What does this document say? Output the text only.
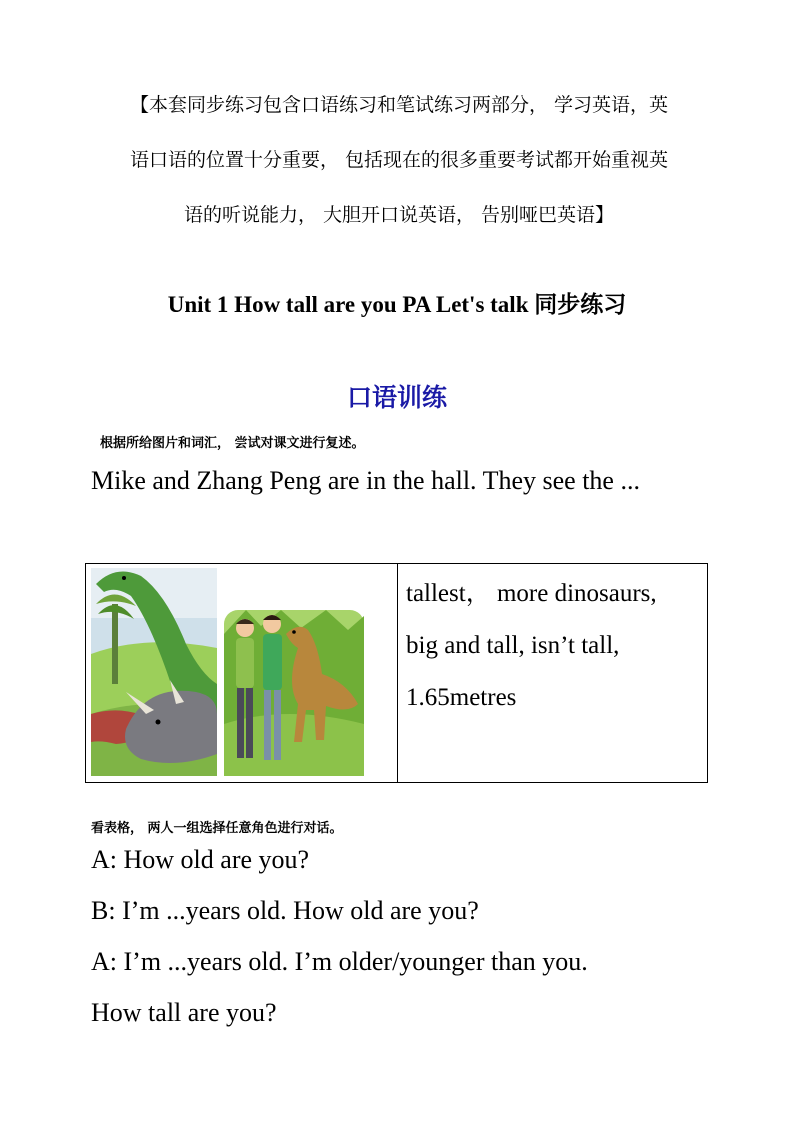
【本套同步练习包含口语练习和笔试练习两部分， 学习英语，英
语口语的位置十分重要， 包括现在的很多重要考试都开始重视英
语的听说能力， 大胆开口说英语， 告别哑巴英语】
Unit 1 How tall are you PA Let's talk 同步练习
口语训练
根据所给图片和词汇， 尝试对课文进行复述。
Mike and Zhang Peng are in the hall. They see the ...
tallest， more dinosaurs,
big and tall, isn’t tall,
1.65metres
看表格， 两人一组选择任意角色进行对话。
A: How old are you?
B: I’m ...years old. How old are you?
A: I’m ...years old. I’m older/younger than you.
How tall are you?
